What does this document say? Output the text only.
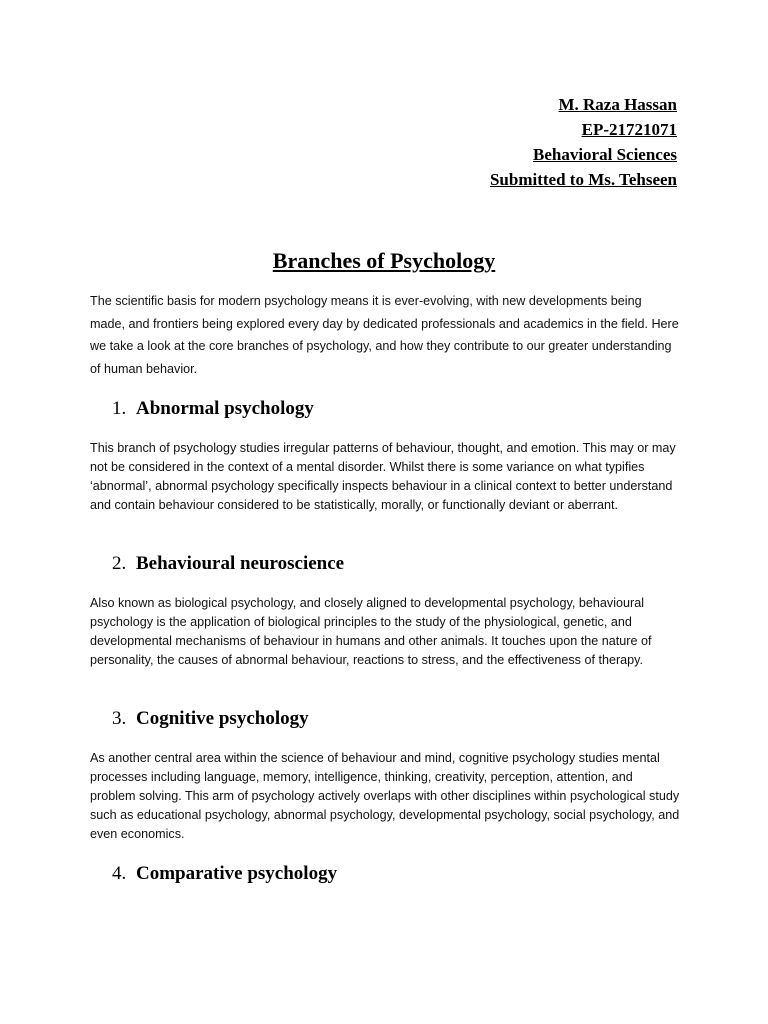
M. Raza Hassan
EP-21721071
Behavioral Sciences
Submitted to Ms. Tehseen
Branches of Psychology
The scientific basis for modern psychology means it is ever-evolving, with new developments being made, and frontiers being explored every day by dedicated professionals and academics in the field. Here we take a look at the core branches of psychology, and how they contribute to our greater understanding of human behavior.
1. Abnormal psychology
This branch of psychology studies irregular patterns of behaviour, thought, and emotion. This may or may not be considered in the context of a mental disorder. Whilst there is some variance on what typifies ‘abnormal’, abnormal psychology specifically inspects behaviour in a clinical context to better understand and contain behaviour considered to be statistically, morally, or functionally deviant or aberrant.
2. Behavioural neuroscience
Also known as biological psychology, and closely aligned to developmental psychology, behavioural psychology is the application of biological principles to the study of the physiological, genetic, and developmental mechanisms of behaviour in humans and other animals. It touches upon the nature of personality, the causes of abnormal behaviour, reactions to stress, and the effectiveness of therapy.
3. Cognitive psychology
As another central area within the science of behaviour and mind, cognitive psychology studies mental processes including language, memory, intelligence, thinking, creativity, perception, attention, and problem solving. This arm of psychology actively overlaps with other disciplines within psychological study such as educational psychology, abnormal psychology, developmental psychology, social psychology, and even economics.
4. Comparative psychology
